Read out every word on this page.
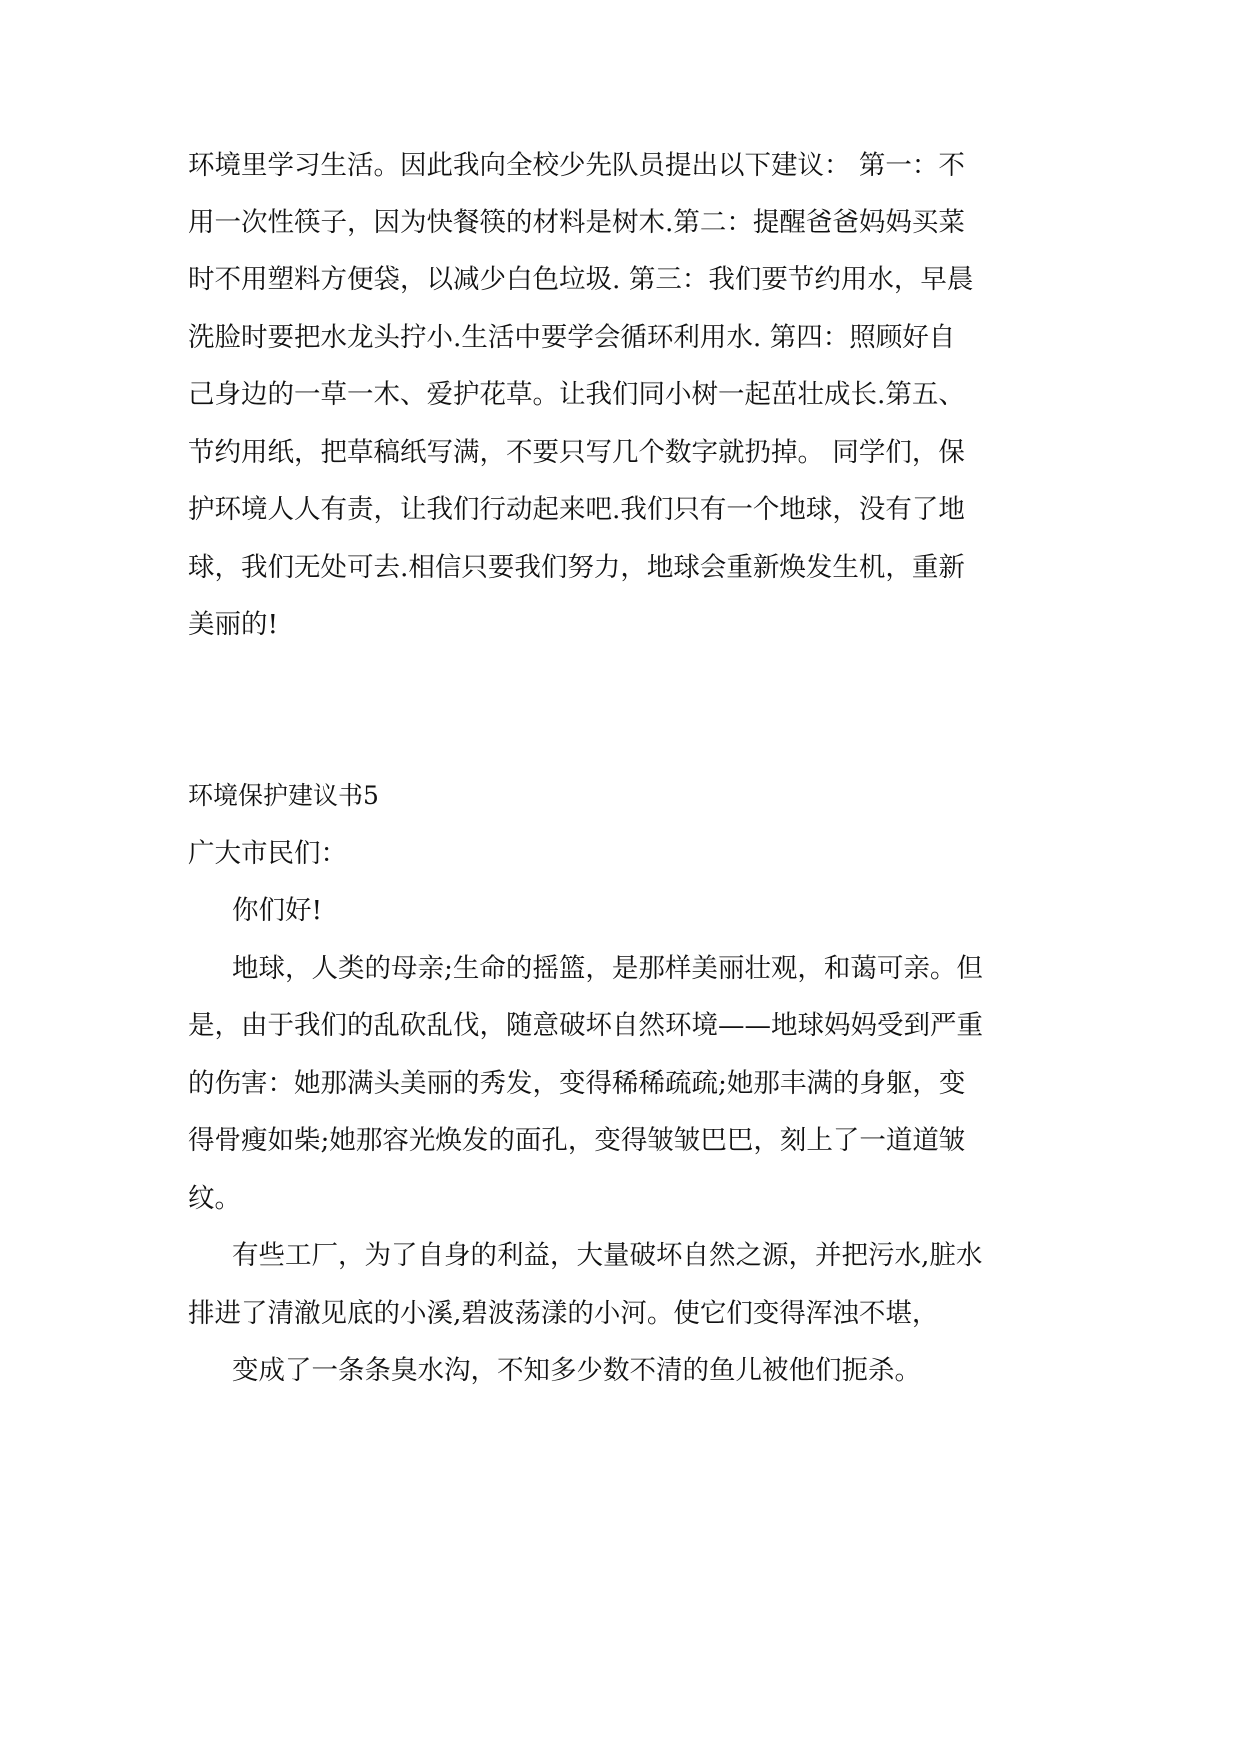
环境里学习生活。因此我向全校少先队员提出以下建议： 第一：不

用一次性筷子，因为快餐筷的材料是树木.第二：提醒爸爸妈妈买菜

时不用塑料方便袋，以减少白色垃圾. 第三：我们要节约用水，早晨

洗脸时要把水龙头拧小.生活中要学会循环利用水. 第四：照顾好自

己身边的一草一木、爱护花草。让我们同小树一起茁壮成长.第五、

节约用纸，把草稿纸写满，不要只写几个数字就扔掉。 同学们，保

护环境人人有责，让我们行动起来吧.我们只有一个地球，没有了地

球，我们无处可去.相信只要我们努力，地球会重新焕发生机，重新

美丽的!

环境保护建议书5

广大市民们：

你们好!

地球，人类的母亲;生命的摇篮，是那样美丽壮观，和蔼可亲。但

是，由于我们的乱砍乱伐，随意破坏自然环境——地球妈妈受到严重

的伤害：她那满头美丽的秀发，变得稀稀疏疏;她那丰满的身躯，变

得骨瘦如柴;她那容光焕发的面孔，变得皱皱巴巴，刻上了一道道皱

纹。

有些工厂，为了自身的利益，大量破坏自然之源，并把污水,脏水

排进了清澈见底的小溪,碧波荡漾的小河。使它们变得浑浊不堪，

变成了一条条臭水沟，不知多少数不清的鱼儿被他们扼杀。
